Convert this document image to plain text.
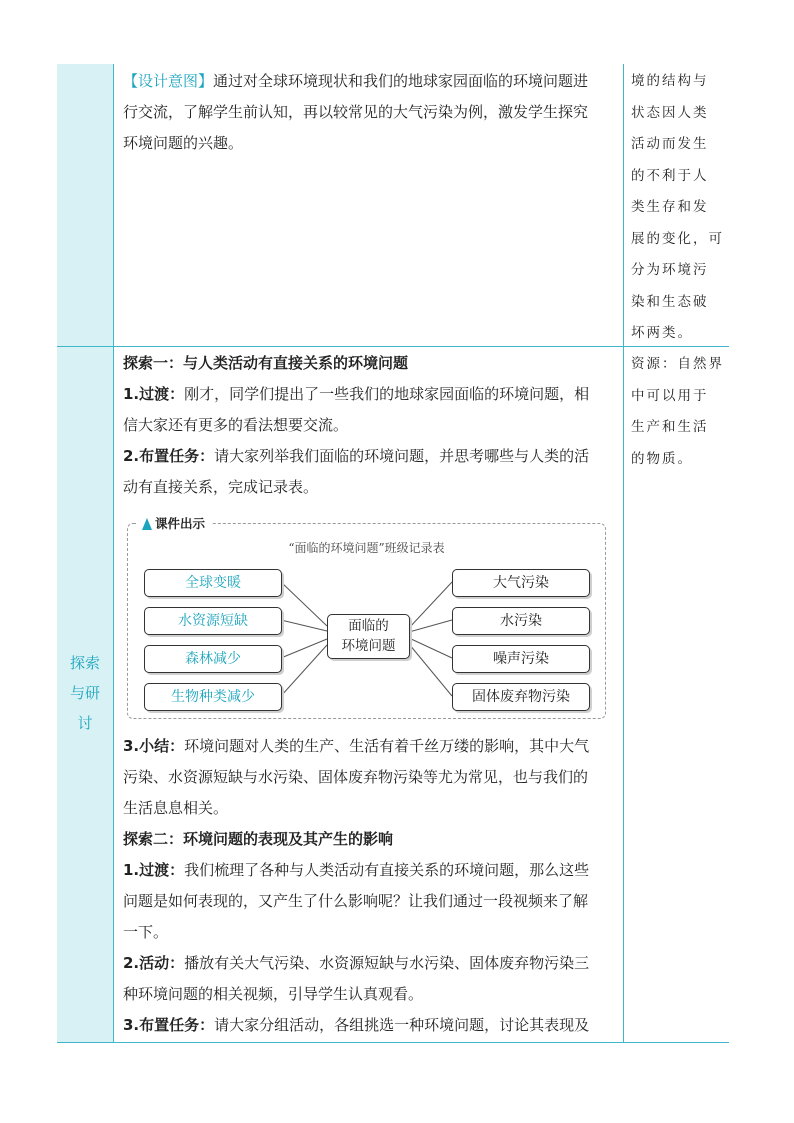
探索
与研
讨

【设计意图】通过对全球环境现状和我们的地球家园面临的环境问题进

行交流，了解学生前认知，再以较常见的大气污染为例，激发学生探究

环境问题的兴趣。

境的结构与

状态因人类

活动而发生

的不利于人

类生存和发

展的变化，可

分为环境污

染和生态破

坏两类。

探索一：与人类活动有直接关系的环境问题

1.过渡：刚才，同学们提出了一些我们的地球家园面临的环境问题，相

信大家还有更多的看法想要交流。

2.布置任务：请大家列举我们面临的环境问题，并思考哪些与人类的活

动有直接关系，完成记录表。

3.小结：环境问题对人类的生产、生活有着千丝万缕的影响，其中大气

污染、水资源短缺与水污染、固体废弃物污染等尤为常见，也与我们的

生活息息相关。

探索二：环境问题的表现及其产生的影响

1.过渡：我们梳理了各种与人类活动有直接关系的环境问题，那么这些

问题是如何表现的，又产生了什么影响呢？让我们通过一段视频来了解

一下。

2.活动：播放有关大气污染、水资源短缺与水污染、固体废弃物污染三

种环境问题的相关视频，引导学生认真观看。

3.布置任务：请大家分组活动，各组挑选一种环境问题，讨论其表现及

资源：自然界

中可以用于

生产和生活

的物质。

课件出示
“面临的环境问题”班级记录表
全球变暖
水资源短缺
森林减少
生物种类减少
面临的
环境问题
大气污染
水污染
噪声污染
固体废弃物污染
